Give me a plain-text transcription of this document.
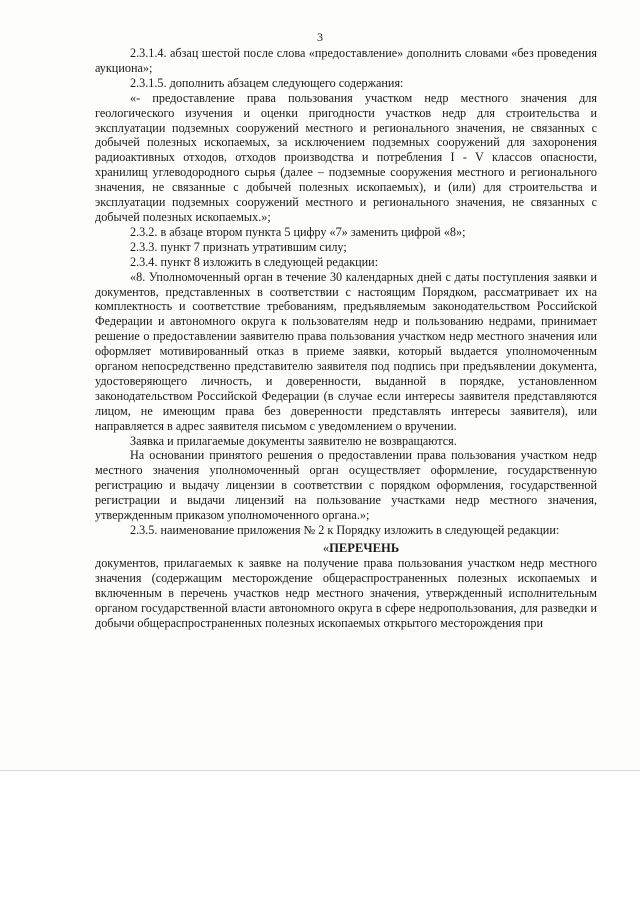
3

2.3.1.4. абзац шестой после слова «предоставление» дополнить словами «без проведения аукциона»;

2.3.1.5. дополнить абзацем следующего содержания:

«- предоставление права пользования участком недр местного значения для геологического изучения и оценки пригодности участков недр для строительства и эксплуатации подземных сооружений местного и регионального значения, не связанных с добычей полезных ископаемых, за исключением подземных сооружений для захоронения радиоактивных отходов, отходов производства и потребления I - V классов опасности, хранилищ углеводородного сырья (далее – подземные сооружения местного и регионального значения, не связанные с добычей полезных ископаемых), и (или) для строительства и эксплуатации подземных сооружений местного и регионального значения, не связанных с добычей полезных ископаемых.»;

2.3.2. в абзаце втором пункта 5 цифру «7» заменить цифрой «8»;

2.3.3. пункт 7 признать утратившим силу;

2.3.4. пункт 8 изложить в следующей редакции:

«8. Уполномоченный орган в течение 30 календарных дней с даты поступления заявки и документов, представленных в соответствии с настоящим Порядком, рассматривает их на комплектность и соответствие требованиям, предъявляемым законодательством Российской Федерации и автономного округа к пользователям недр и пользованию недрами, принимает решение о предоставлении заявителю права пользования участком недр местного значения или оформляет мотивированный отказ в приеме заявки, который выдается уполномоченным органом непосредственно представителю заявителя под подпись при предъявлении документа, удостоверяющего личность, и доверенности, выданной в порядке, установленном законодательством Российской Федерации (в случае если интересы заявителя представляются лицом, не имеющим права без доверенности представлять интересы заявителя), или направляется в адрес заявителя письмом с уведомлением о вручении.

Заявка и прилагаемые документы заявителю не возвращаются.

На основании принятого решения о предоставлении права пользования участком недр местного значения уполномоченный орган осуществляет оформление, государственную регистрацию и выдачу лицензии в соответствии с порядком оформления, государственной регистрации и выдачи лицензий на пользование участками недр местного значения, утвержденным приказом уполномоченного органа.»;

2.3.5. наименование приложения № 2 к Порядку изложить в следующей редакции:

«ПЕРЕЧЕНЬ

документов, прилагаемых к заявке на получение права пользования участком недр местного значения (содержащим месторождение общераспространенных полезных ископаемых и включенным в перечень участков недр местного значения, утвержденный исполнительным органом государственной власти автономного округа в сфере недропользования, для разведки и добычи общераспространенных полезных ископаемых открытого месторождения при
